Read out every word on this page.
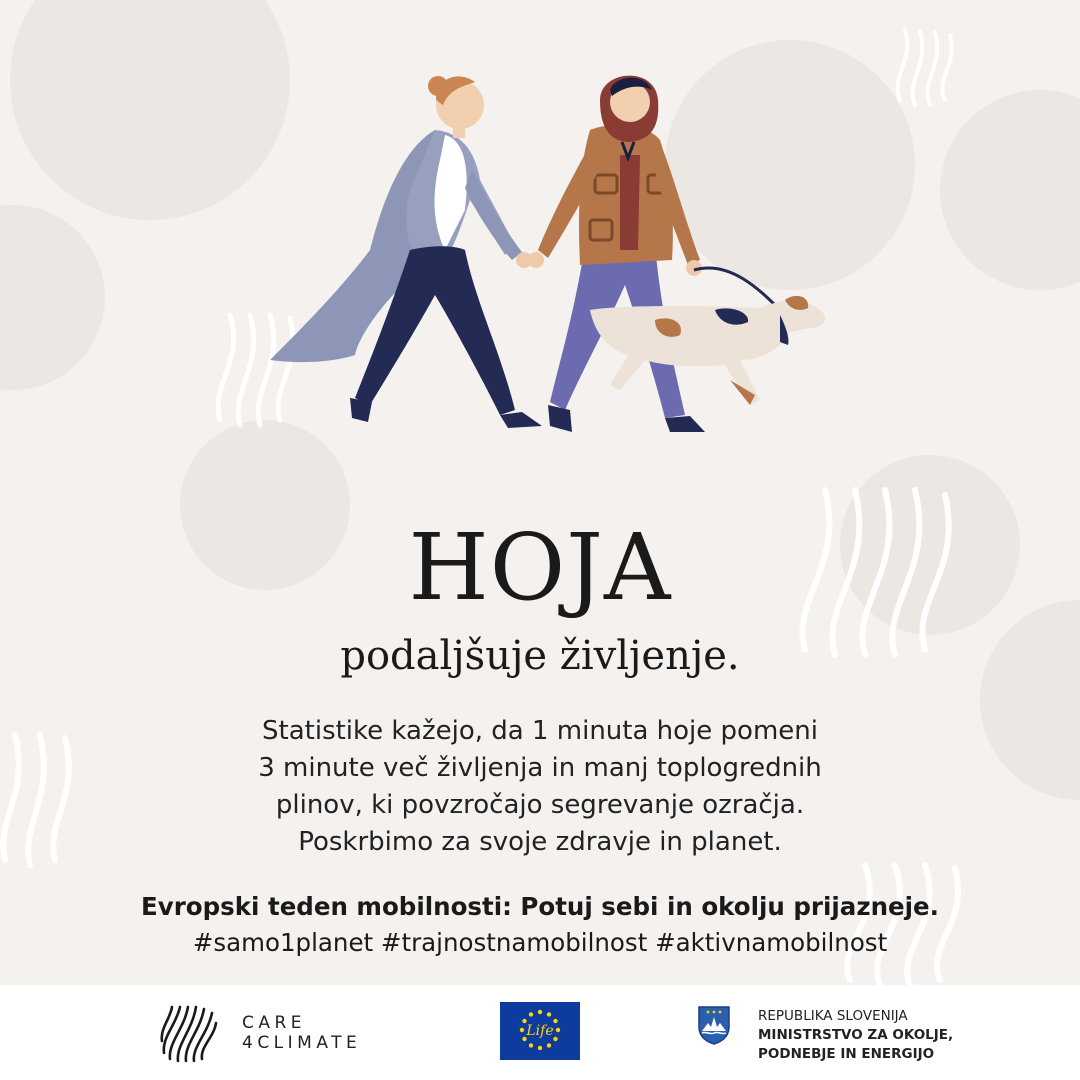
HOJA
podaljšuje življenje.
Statistike kažejo, da 1 minuta hoje pomeni
3 minute več življenja in manj toplogrednih
plinov, ki povzročajo segrevanje ozračja.
Poskrbimo za svoje zdravje in planet.
Evropski teden mobilnosti: Potuj sebi in okolju prijazneje.
#samo1planet #trajnostnamobilnost #aktivnamobilnost
CARE
4CLIMATE
Life
REPUBLIKA SLOVENIJA
MINISTRSTVO ZA OKOLJE,
PODNEBJE IN ENERGIJO
